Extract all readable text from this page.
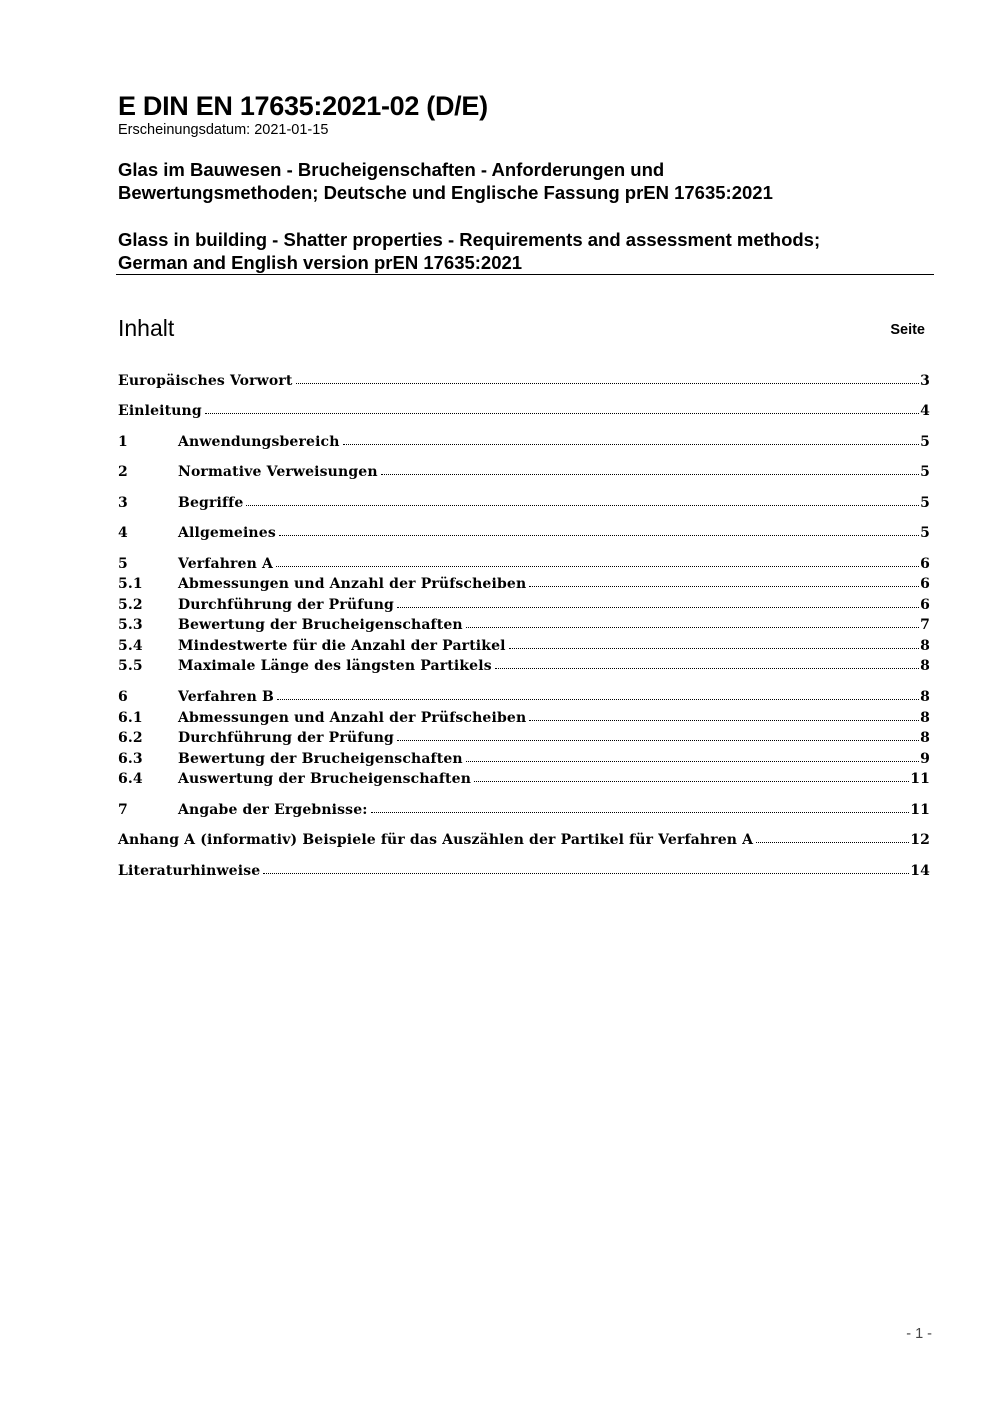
E DIN EN 17635:2021-02 (D/E)
Erscheinungsdatum: 2021-01-15
Glas im Bauwesen - Brucheigenschaften - Anforderungen und
Bewertungsmethoden; Deutsche und Englische Fassung prEN 17635:2021
Glass in building - Shatter properties - Requirements and assessment methods;
German and English version prEN 17635:2021
Inhalt	Seite
Europäisches Vorwort	3
Einleitung	4
1	Anwendungsbereich	5
2	Normative Verweisungen	5
3	Begriffe	5
4	Allgemeines	5
5	Verfahren A	6
5.1	Abmessungen und Anzahl der Prüfscheiben	6
5.2	Durchführung der Prüfung	6
5.3	Bewertung der Brucheigenschaften	7
5.4	Mindestwerte für die Anzahl der Partikel	8
5.5	Maximale Länge des längsten Partikels	8
6	Verfahren B	8
6.1	Abmessungen und Anzahl der Prüfscheiben	8
6.2	Durchführung der Prüfung	8
6.3	Bewertung der Brucheigenschaften	9
6.4	Auswertung der Brucheigenschaften	11
7	Angabe der Ergebnisse:	11
Anhang A (informativ) Beispiele für das Auszählen der Partikel für Verfahren A	12
Literaturhinweise	14
- 1 -
